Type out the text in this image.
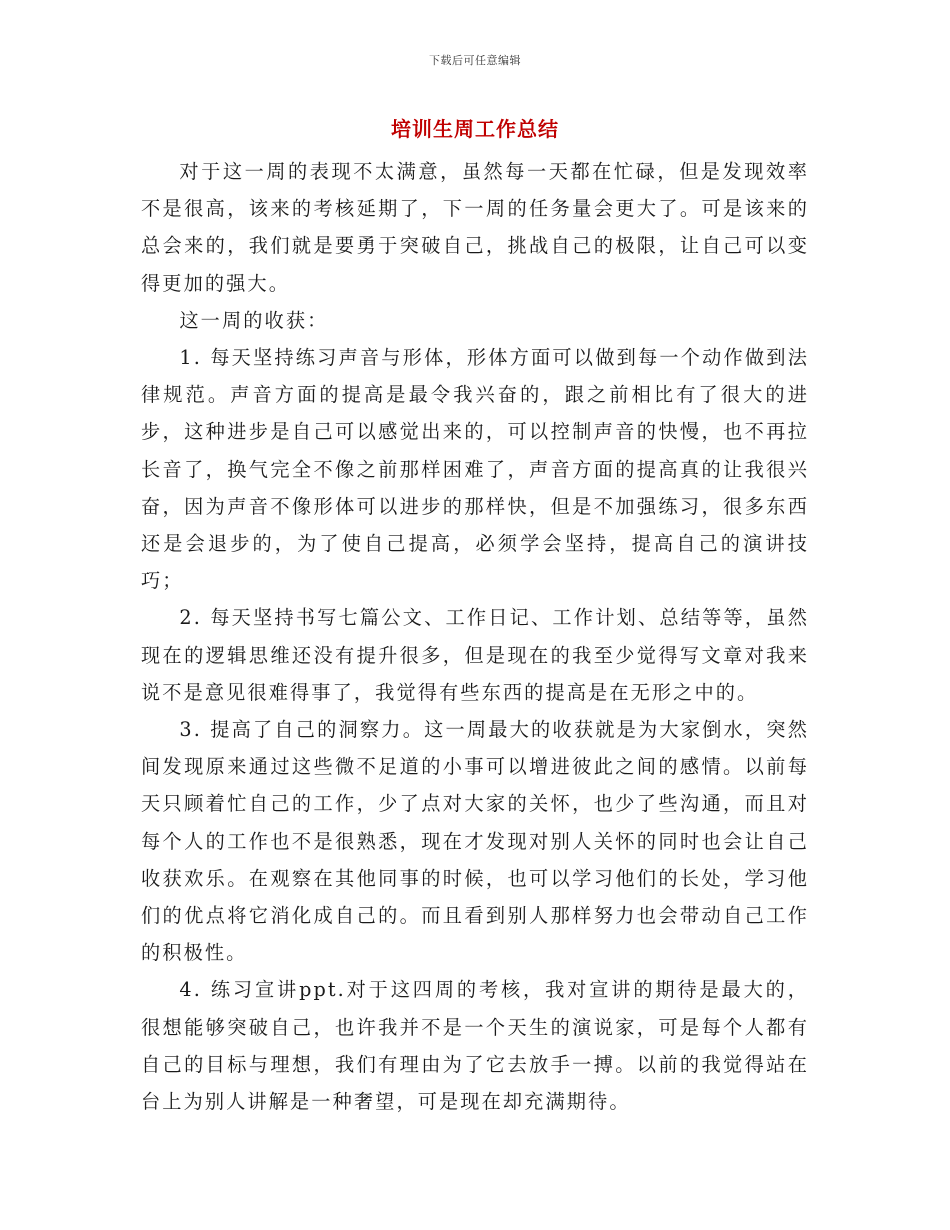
下载后可任意编辑
培训生周工作总结

对于这一周的表现不太满意，虽然每一天都在忙碌，但是发现效率不是很高，该来的考核延期了，下一周的任务量会更大了。可是该来的总会来的，我们就是要勇于突破自己，挑战自己的极限，让自己可以变得更加的强大。

这一周的收获：

1. 每天坚持练习声音与形体，形体方面可以做到每一个动作做到法律规范。声音方面的提高是最令我兴奋的，跟之前相比有了很大的进步，这种进步是自己可以感觉出来的，可以控制声音的快慢，也不再拉长音了，换气完全不像之前那样困难了，声音方面的提高真的让我很兴奋，因为声音不像形体可以进步的那样快，但是不加强练习，很多东西还是会退步的，为了使自己提高，必须学会坚持，提高自己的演讲技巧；

2. 每天坚持书写七篇公文、工作日记、工作计划、总结等等，虽然现在的逻辑思维还没有提升很多，但是现在的我至少觉得写文章对我来说不是意见很难得事了，我觉得有些东西的提高是在无形之中的。

3. 提高了自己的洞察力。这一周最大的收获就是为大家倒水，突然间发现原来通过这些微不足道的小事可以增进彼此之间的感情。以前每天只顾着忙自己的工作，少了点对大家的关怀，也少了些沟通，而且对每个人的工作也不是很熟悉，现在才发现对别人关怀的同时也会让自己收获欢乐。在观察在其他同事的时候，也可以学习他们的长处，学习他们的优点将它消化成自己的。而且看到别人那样努力也会带动自己工作的积极性。

4. 练习宣讲ppt.对于这四周的考核，我对宣讲的期待是最大的，很想能够突破自己，也许我并不是一个天生的演说家，可是每个人都有自己的目标与理想，我们有理由为了它去放手一搏。以前的我觉得站在台上为别人讲解是一种奢望，可是现在却充满期待。
